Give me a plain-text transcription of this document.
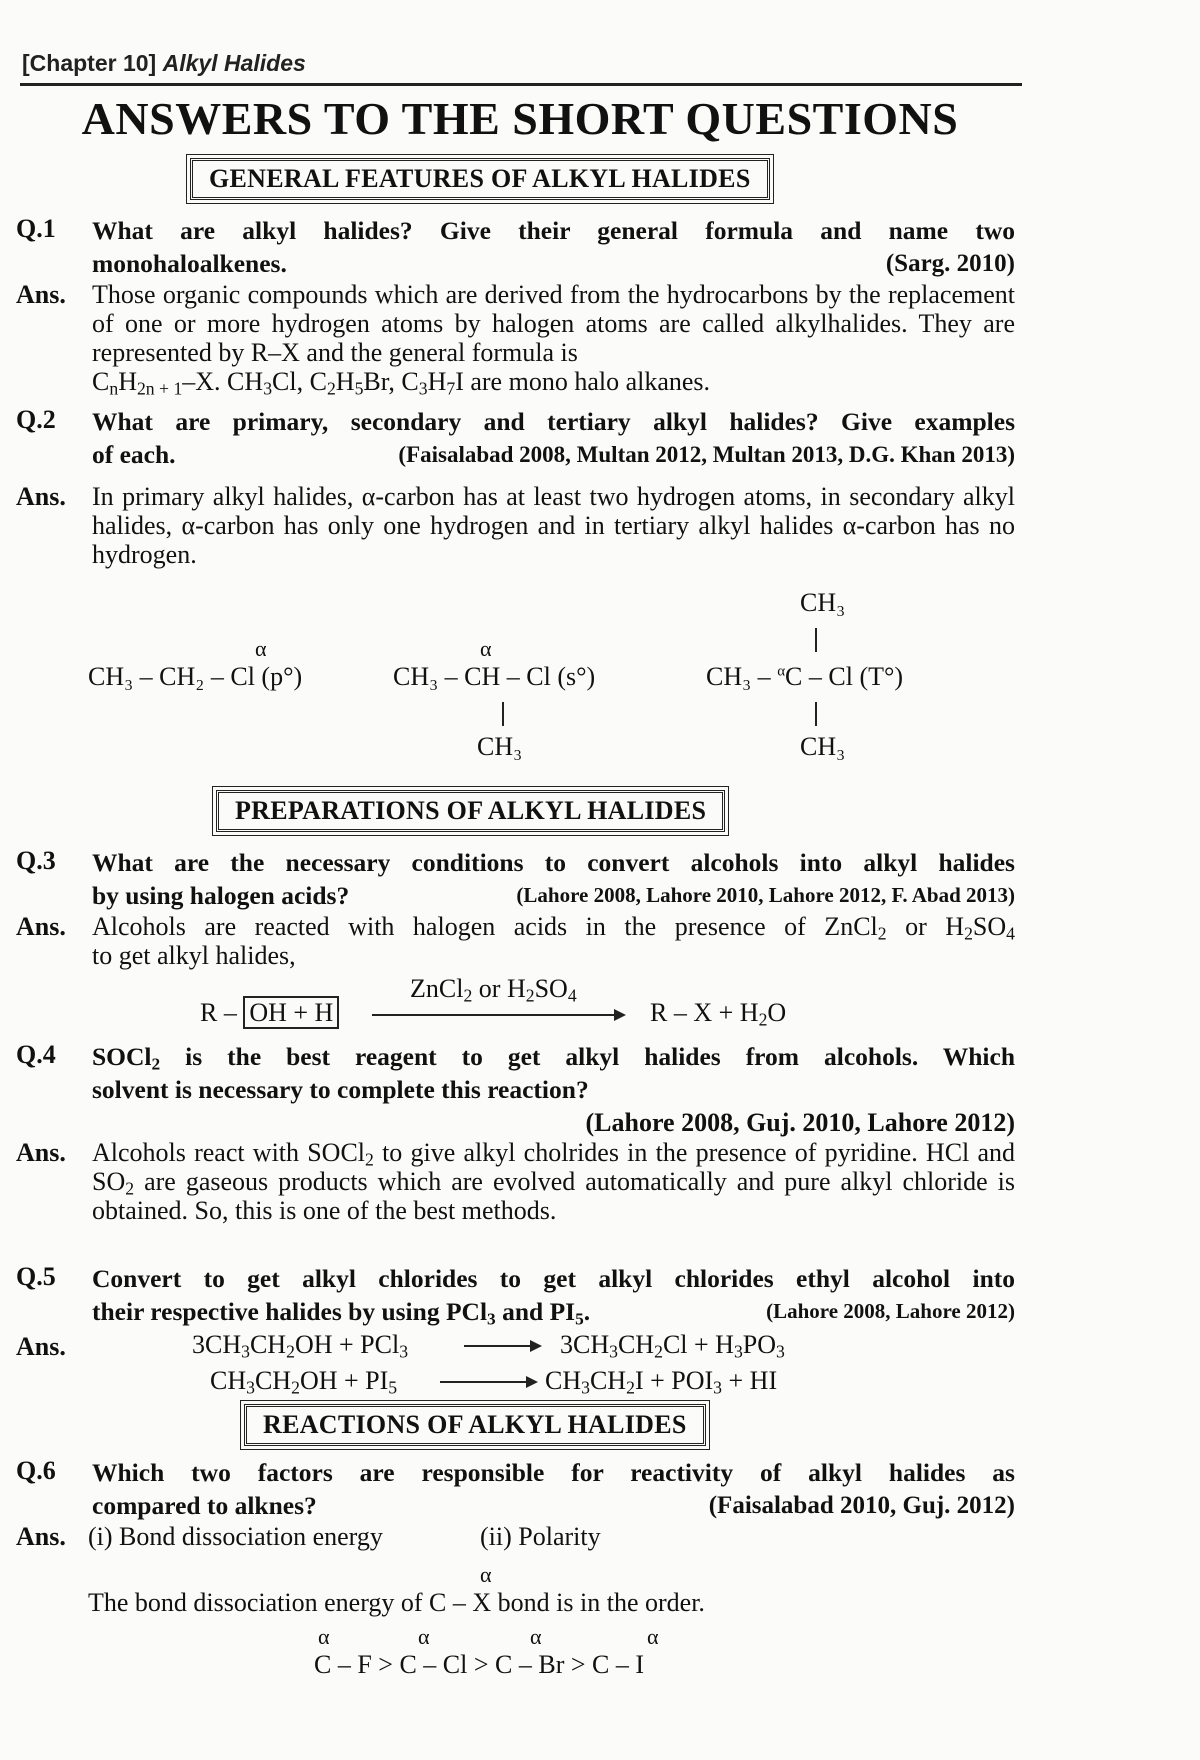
[Chapter 10] Alkyl Halides
ANSWERS TO THE SHORT QUESTIONS
GENERAL FEATURES OF ALKYL HALIDES
Q.1 What are alkyl halides? Give their general formula and name two
monohaloalkenes.	(Sarg. 2010)
Ans. Those organic compounds which are derived from the hydrocarbons by the replacement of one or more hydrogen atoms by halogen atoms are called alkylhalides. They are represented by R–X and the general formula is
$C_nH_{2n + 1}-X$. $CH_3Cl$, $C_2H_5Br$, $C_3H_7I$ are mono halo alkanes.
Q.2 What are primary, secondary and tertiary alkyl halides? Give examples
of each.	(Faisalabad 2008, Multan 2012, Multan 2013, D.G. Khan 2013)
Ans. In primary alkyl halides, α-carbon has at least two hydrogen atoms, in secondary alkyl halides, α-carbon has only one hydrogen and in tertiary alkyl halides α-carbon has no hydrogen.
CH₃
α	α
CH₃ – CH₂ – Cl (p°)	CH₃ – CH – Cl (s°)	CH₃ – $^\alpha$C – Cl (T°)
CH₃	CH₃
PREPARATIONS OF ALKYL HALIDES
Q.3 What are the necessary conditions to convert alcohols into alkyl halides
by using halogen acids?	(Lahore 2008, Lahore 2010, Lahore 2012, F. Abad 2013)
Ans. Alcohols are reacted with halogen acids in the presence of ZnCl$_2$ or $H_2SO_4$
to get alkyl halides,
ZnCl$_2$ or $H_2SO_4$
R – OH + H	$R - X + H_2O$
Q.4 SOCl$_2$ is the best reagent to get alkyl halides from alcohols. Which
solvent is necessary to complete this reaction?
(Lahore 2008, Guj. 2010, Lahore 2012)
Ans. Alcohols react with SOCl$_2$ to give alkyl cholrides in the presence of pyridine. HCl and $SO_2$ are gaseous products which are evolved automatically and pure alkyl chloride is obtained. So, this is one of the best methods.
Q.5 Convert to get alkyl chlorides to get alkyl chlorides ethyl alcohol into
their respective halides by using PCl$_3$ and $PI_5$.	(Lahore 2008, Lahore 2012)
Ans.	$3CH_3CH_2OH + PCl_3$	$3CH_3CH_2Cl + H_3PO_3$
$CH_3CH_2OH + PI_5$	$CH_3CH_2I + POI_3$ + HI
REACTIONS OF ALKYL HALIDES
Q.6 Which two factors are responsible for reactivity of alkyl halides as
compared to alknes?	(Faisalabad 2010, Guj. 2012)
Ans. (i) Bond dissociation energy	(ii) Polarity
α
The bond dissociation energy of C – X bond is in the order.
α	α	α	α
C – F > C – Cl > C – Br > C – I
